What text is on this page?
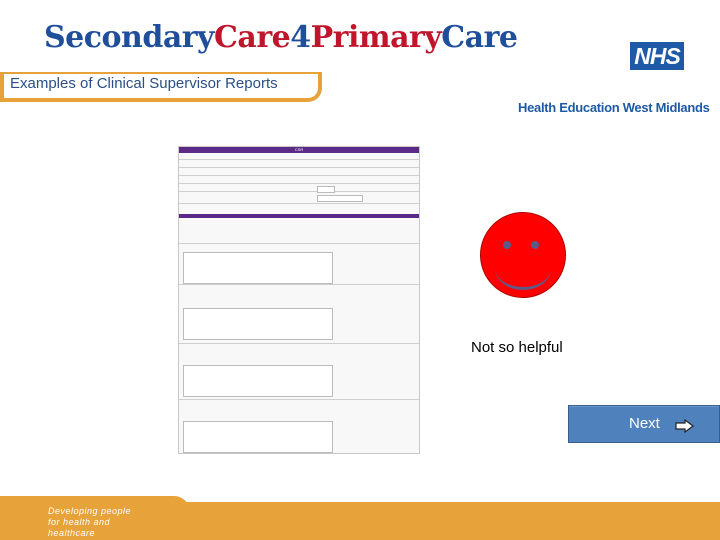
SecondaryCare4PrimaryCare
Examples of Clinical Supervisor Reports
NHS
Health Education West Midlands
CSR
Not so helpful
Next
Developing people
for health and
healthcare
